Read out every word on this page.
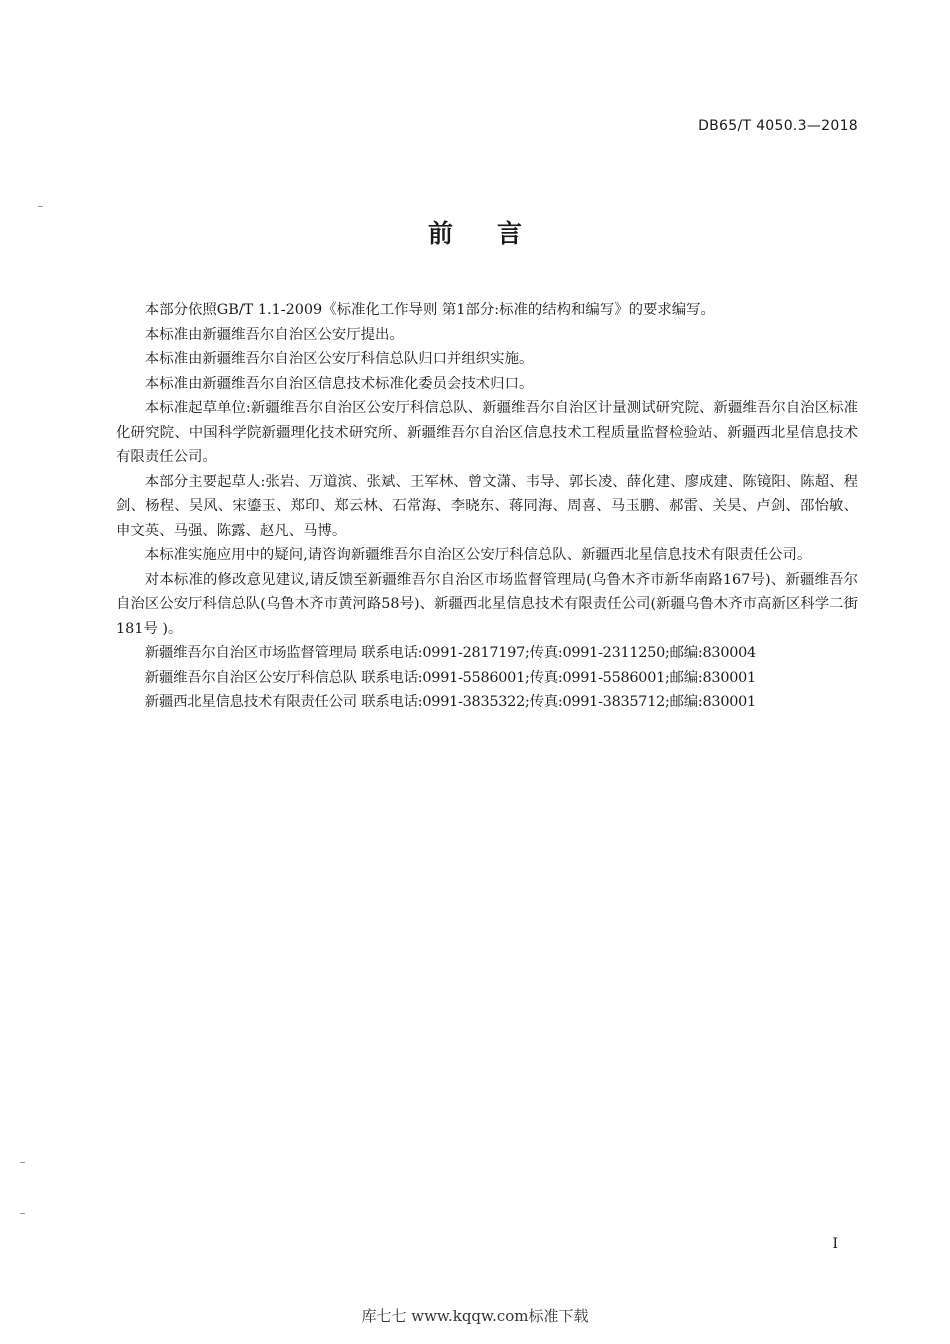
DB65/T 4050.3—2018
前言

本部分依照GB/T 1.1-2009《标准化工作导则 第1部分:标准的结构和编写》的要求编写。

本标准由新疆维吾尔自治区公安厅提出。

本标准由新疆维吾尔自治区公安厅科信总队归口并组织实施。

本标准由新疆维吾尔自治区信息技术标准化委员会技术归口。

本标准起草单位:新疆维吾尔自治区公安厅科信总队、新疆维吾尔自治区计量测试研究院、新疆维吾尔自治区标准化研究院、中国科学院新疆理化技术研究所、新疆维吾尔自治区信息技术工程质量监督检验站、新疆西北星信息技术有限责任公司。

本部分主要起草人:张岩、万道滨、张斌、王军林、曾文潇、韦导、郭长凌、薛化建、廖成建、陈镜阳、陈超、程剑、杨程、吴风、宋鎏玉、郑印、郑云林、石常海、李晓东、蒋同海、周喜、马玉鹏、郝雷、关昊、卢剑、邵怡敏、申文英、马强、陈露、赵凡、马博。

本标准实施应用中的疑问,请咨询新疆维吾尔自治区公安厅科信总队、新疆西北星信息技术有限责任公司。

对本标准的修改意见建议,请反馈至新疆维吾尔自治区市场监督管理局(乌鲁木齐市新华南路167号)、新疆维吾尔自治区公安厅科信总队(乌鲁木齐市黄河路58号)、新疆西北星信息技术有限责任公司(新疆乌鲁木齐市高新区科学二街181号 )。

新疆维吾尔自治区市场监督管理局 联系电话:0991-2817197;传真:0991-2311250;邮编:830004

新疆维吾尔自治区公安厅科信总队 联系电话:0991-5586001;传真:0991-5586001;邮编:830001

新疆西北星信息技术有限责任公司 联系电话:0991-3835322;传真:0991-3835712;邮编:830001

I
库七七 www.kqqw.com标准下载
